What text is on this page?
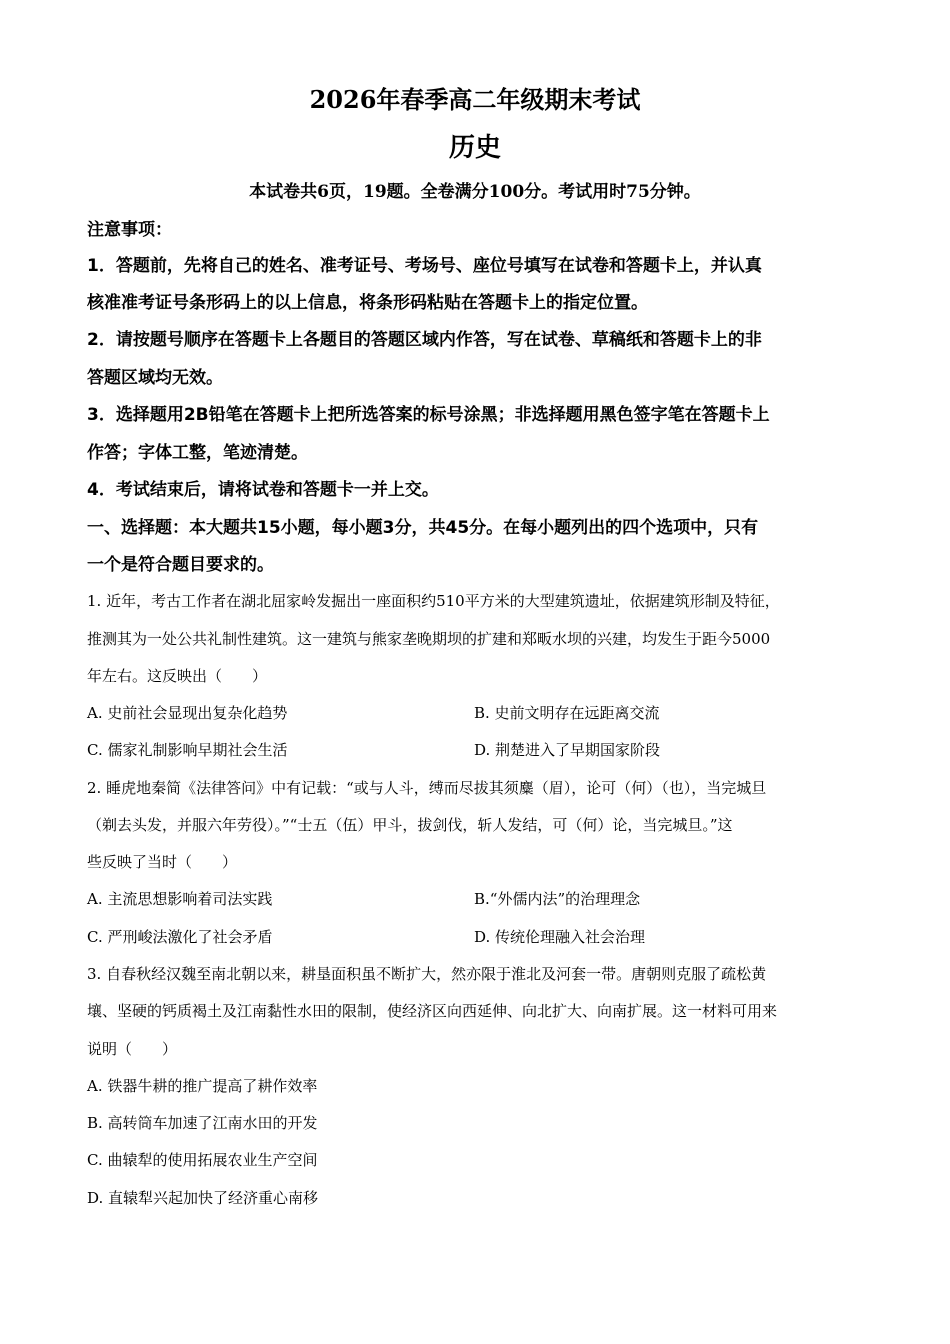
2026年春季高二年级期末考试
历史
本试卷共6页，19题。全卷满分100分。考试用时75分钟。
注意事项：
1．答题前，先将自己的姓名、准考证号、考场号、座位号填写在试卷和答题卡上，并认真
核准准考证号条形码上的以上信息，将条形码粘贴在答题卡上的指定位置。
2．请按题号顺序在答题卡上各题目的答题区域内作答，写在试卷、草稿纸和答题卡上的非
答题区域均无效。
3．选择题用2B铅笔在答题卡上把所选答案的标号涂黑；非选择题用黑色签字笔在答题卡上
作答；字体工整，笔迹清楚。
4．考试结束后，请将试卷和答题卡一并上交。
一、选择题：本大题共15小题，每小题3分，共45分。在每小题列出的四个选项中，只有
一个是符合题目要求的。
1. 近年，考古工作者在湖北屈家岭发掘出一座面积约510平方米的大型建筑遗址，依据建筑形制及特征，
推测其为一处公共礼制性建筑。这一建筑与熊家垄晚期坝的扩建和郑畈水坝的兴建，均发生于距今5000
年左右。这反映出（　　）
A. 史前社会显现出复杂化趋势	B. 史前文明存在远距离交流
C. 儒家礼制影响早期社会生活	D. 荆楚进入了早期国家阶段
2. 睡虎地秦简《法律答问》中有记载：“或与人斗，缚而尽拔其须麋（眉），论可（何）（也），当完城旦
（剃去头发，并服六年劳役）。”“士五（伍）甲斗，拔剑伐，斩人发结，可（何）论，当完城旦。”这
些反映了当时（　　）
A. 主流思想影响着司法实践	B.“外儒内法”的治理理念
C. 严刑峻法激化了社会矛盾	D. 传统伦理融入社会治理
3. 自春秋经汉魏至南北朝以来，耕垦面积虽不断扩大，然亦限于淮北及河套一带。唐朝则克服了疏松黄
壤、坚硬的钙质褐土及江南黏性水田的限制，使经济区向西延伸、向北扩大、向南扩展。这一材料可用来
说明（　　）
A. 铁器牛耕的推广提高了耕作效率
B. 高转筒车加速了江南水田的开发
C. 曲辕犁的使用拓展农业生产空间
D. 直辕犁兴起加快了经济重心南移
